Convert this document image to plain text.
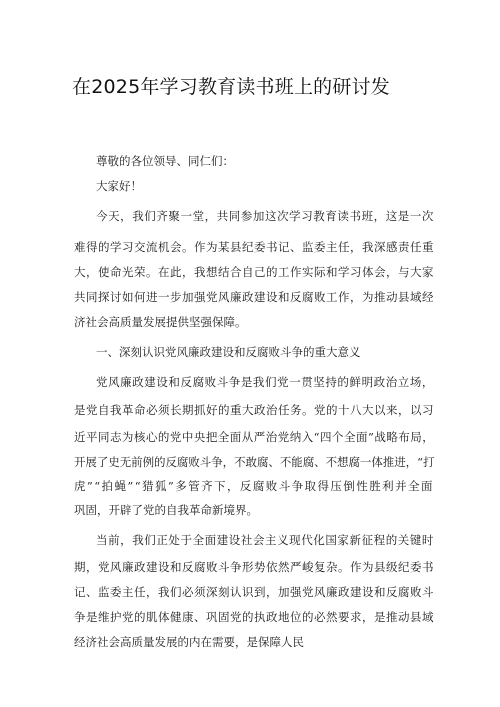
在2025年学习教育读书班上的研讨发
尊敬的各位领导、同仁们：
大家好！
今天，我们齐聚一堂，共同参加这次学习教育读书班，这是一次
难得的学习交流机会。作为某县纪委书记、监委主任，我深感责任重
大，使命光荣。在此，我想结合自己的工作实际和学习体会，与大家
共同探讨如何进一步加强党风廉政建设和反腐败工作，为推动县域经
济社会高质量发展提供坚强保障。
一、深刻认识党风廉政建设和反腐败斗争的重大意义
党风廉政建设和反腐败斗争是我们党一贯坚持的鲜明政治立场，
是党自我革命必须长期抓好的重大政治任务。党的十八大以来，以习
近平同志为核心的党中央把全面从严治党纳入“四个全面”战略布局，
开展了史无前例的反腐败斗争，不敢腐、不能腐、不想腐一体推进，“打
虎”“拍蝇”“猎狐”多管齐下，反腐败斗争取得压倒性胜利并全面
巩固，开辟了党的自我革命新境界。
当前，我们正处于全面建设社会主义现代化国家新征程的关键时
期，党风廉政建设和反腐败斗争形势依然严峻复杂。作为县级纪委书
记、监委主任，我们必须深刻认识到，加强党风廉政建设和反腐败斗
争是维护党的肌体健康、巩固党的执政地位的必然要求，是推动县域
经济社会高质量发展的内在需要，是保障人民
